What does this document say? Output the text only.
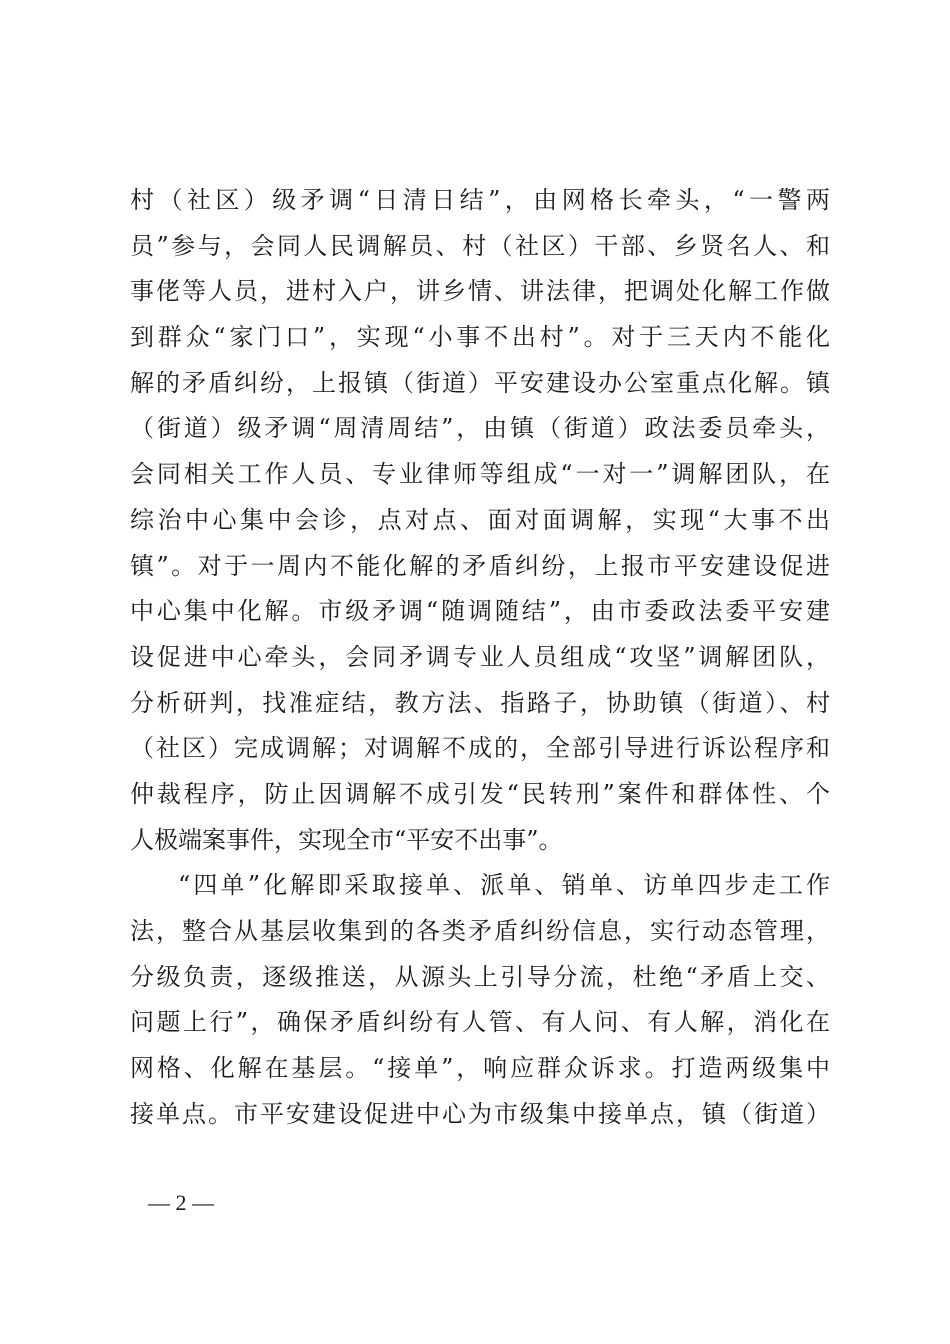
村（社区）级矛调“日清日结”，由网格长牵头，“一警两
员”参与，会同人民调解员、村（社区）干部、乡贤名人、和
事佬等人员，进村入户，讲乡情、讲法律，把调处化解工作做
到群众“家门口”，实现“小事不出村”。对于三天内不能化
解的矛盾纠纷，上报镇（街道）平安建设办公室重点化解。镇
（街道）级矛调“周清周结”，由镇（街道）政法委员牵头，
会同相关工作人员、专业律师等组成“一对一”调解团队，在
综治中心集中会诊，点对点、面对面调解，实现“大事不出
镇”。对于一周内不能化解的矛盾纠纷，上报市平安建设促进
中心集中化解。市级矛调“随调随结”，由市委政法委平安建
设促进中心牵头，会同矛调专业人员组成“攻坚”调解团队，
分析研判，找准症结，教方法、指路子，协助镇（街道）、村
（社区）完成调解；对调解不成的，全部引导进行诉讼程序和
仲裁程序，防止因调解不成引发“民转刑”案件和群体性、个
人极端案事件，实现全市“平安不出事”。
“四单”化解即采取接单、派单、销单、访单四步走工作
法，整合从基层收集到的各类矛盾纠纷信息，实行动态管理，
分级负责，逐级推送，从源头上引导分流，杜绝“矛盾上交、
问题上行”，确保矛盾纠纷有人管、有人问、有人解，消化在
网格、化解在基层。“接单”，响应群众诉求。打造两级集中
接单点。市平安建设促进中心为市级集中接单点，镇（街道）
— 2 —
